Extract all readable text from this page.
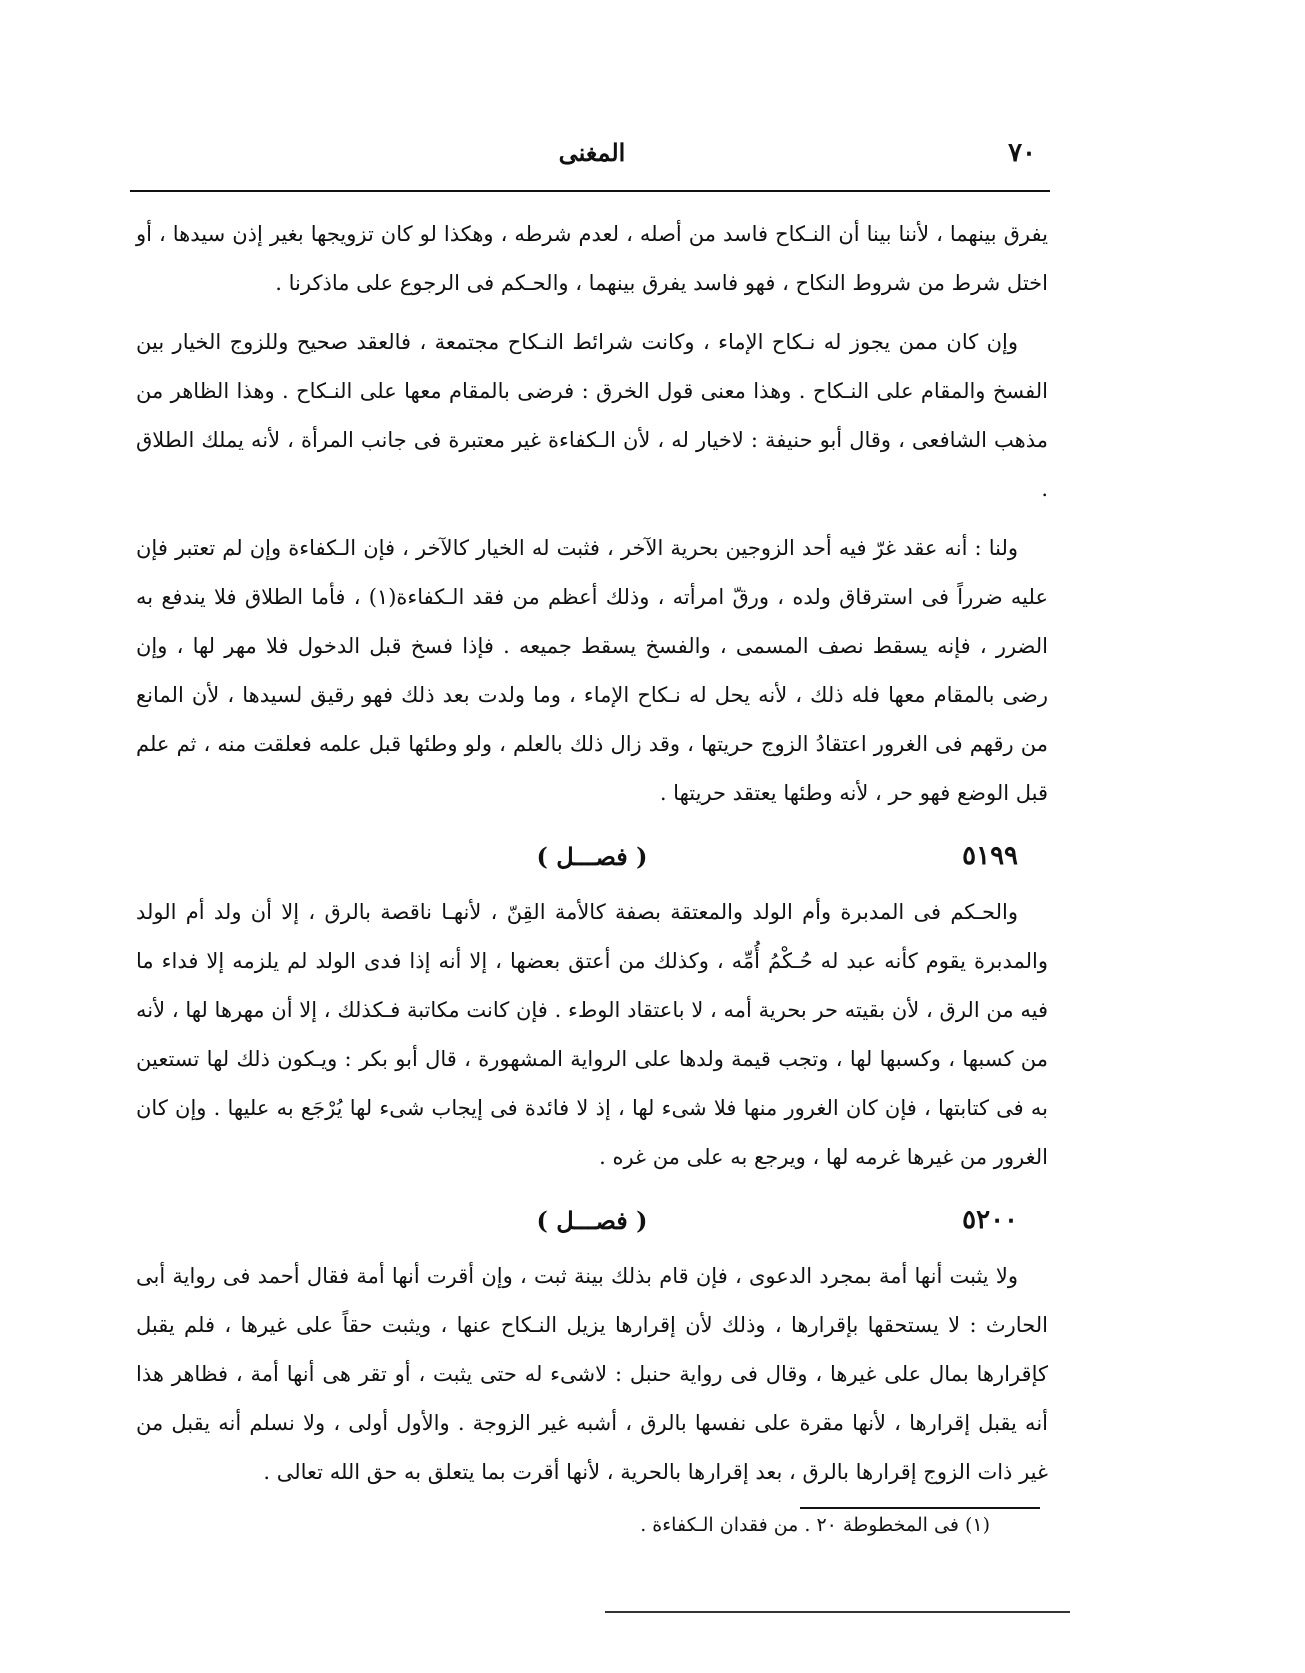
٧٠
المغنى

يفرق بينهما ، لأننا بينا أن النـكاح فاسد من أصله ، لعدم شرطه ، وهكذا لو كان تزويجها بغير إذن سيدها ، أو اختل شرط من شروط النكاح ، فهو فاسد يفرق بينهما ، والحـكم فى الرجوع على ماذكرنا .

وإن كان ممن يجوز له نـكاح الإماء ، وكانت شرائط النـكاح مجتمعة ، فالعقد صحيح وللزوج الخيار بين الفسخ والمقام على النـكاح . وهذا معنى قول الخرق : فرضى بالمقام معها على النـكاح . وهذا الظاهر من مذهب الشافعى ، وقال أبو حنيفة : لاخيار له ، لأن الـكفاءة غير معتبرة فى جانب المرأة ، لأنه يملك الطلاق .

ولنا : أنه عقد غرّ فيه أحد الزوجين بحرية الآخر ، فثبت له الخيار كالآخر ، فإن الـكفاءة وإن لم تعتبر فإن عليه ضرراً فى استرقاق ولده ، ورقّ امرأته ، وذلك أعظم من فقد الـكفاءة(١) ، فأما الطلاق فلا يندفع به الضرر ، فإنه يسقط نصف المسمى ، والفسخ يسقط جميعه . فإذا فسخ قبل الدخول فلا مهر لها ، وإن رضى بالمقام معها فله ذلك ، لأنه يحل له نـكاح الإماء ، وما ولدت بعد ذلك فهو رقيق لسيدها ، لأن المانع من رقهم فى الغرور اعتقادُ الزوج حريتها ، وقد زال ذلك بالعلم ، ولو وطئها قبل علمه فعلقت منه ، ثم علم قبل الوضع فهو حر ، لأنه وطئها يعتقد حريتها .

٥١٩٩
( فصـــل )

والحـكم فى المدبرة وأم الولد والمعتقة بصفة كالأمة القِنّ ، لأنهـا ناقصة بالرق ، إلا أن ولد أم الولد والمدبرة يقوم كأنه عبد له حُـكْمُ أُمِّه ، وكذلك من أعتق بعضها ، إلا أنه إذا فدى الولد لم يلزمه إلا فداء ما فيه من الرق ، لأن بقيته حر بحرية أمه ، لا باعتقاد الوطء . فإن كانت مكاتبة فـكذلك ، إلا أن مهرها لها ، لأنه من كسبها ، وكسبها لها ، وتجب قيمة ولدها على الرواية المشهورة ، قال أبو بكر : ويـكون ذلك لها تستعين به فى كتابتها ، فإن كان الغرور منها فلا شىء لها ، إذ لا فائدة فى إيجاب شىء لها يُرْجَع به عليها . وإن كان الغرور من غيرها غرمه لها ، ويرجع به على من غره .

٥٢٠٠
( فصـــل )

ولا يثبت أنها أمة بمجرد الدعوى ، فإن قام بذلك بينة ثبت ، وإن أقرت أنها أمة فقال أحمد فى رواية أبى الحارث : لا يستحقها بإقرارها ، وذلك لأن إقرارها يزيل النـكاح عنها ، ويثبت حقاً على غيرها ، فلم يقبل كإقرارها بمال على غيرها ، وقال فى رواية حنبل : لاشىء له حتى يثبت ، أو تقر هى أنها أمة ، فظاهر هذا أنه يقبل إقرارها ، لأنها مقرة على نفسها بالرق ، أشبه غير الزوجة . والأول أولى ، ولا نسلم أنه يقبل من غير ذات الزوج إقرارها بالرق ، بعد إقرارها بالحرية ، لأنها أقرت بما يتعلق به حق الله تعالى .

(١) فى المخطوطة ٢٠ . من فقدان الـكفاءة .
